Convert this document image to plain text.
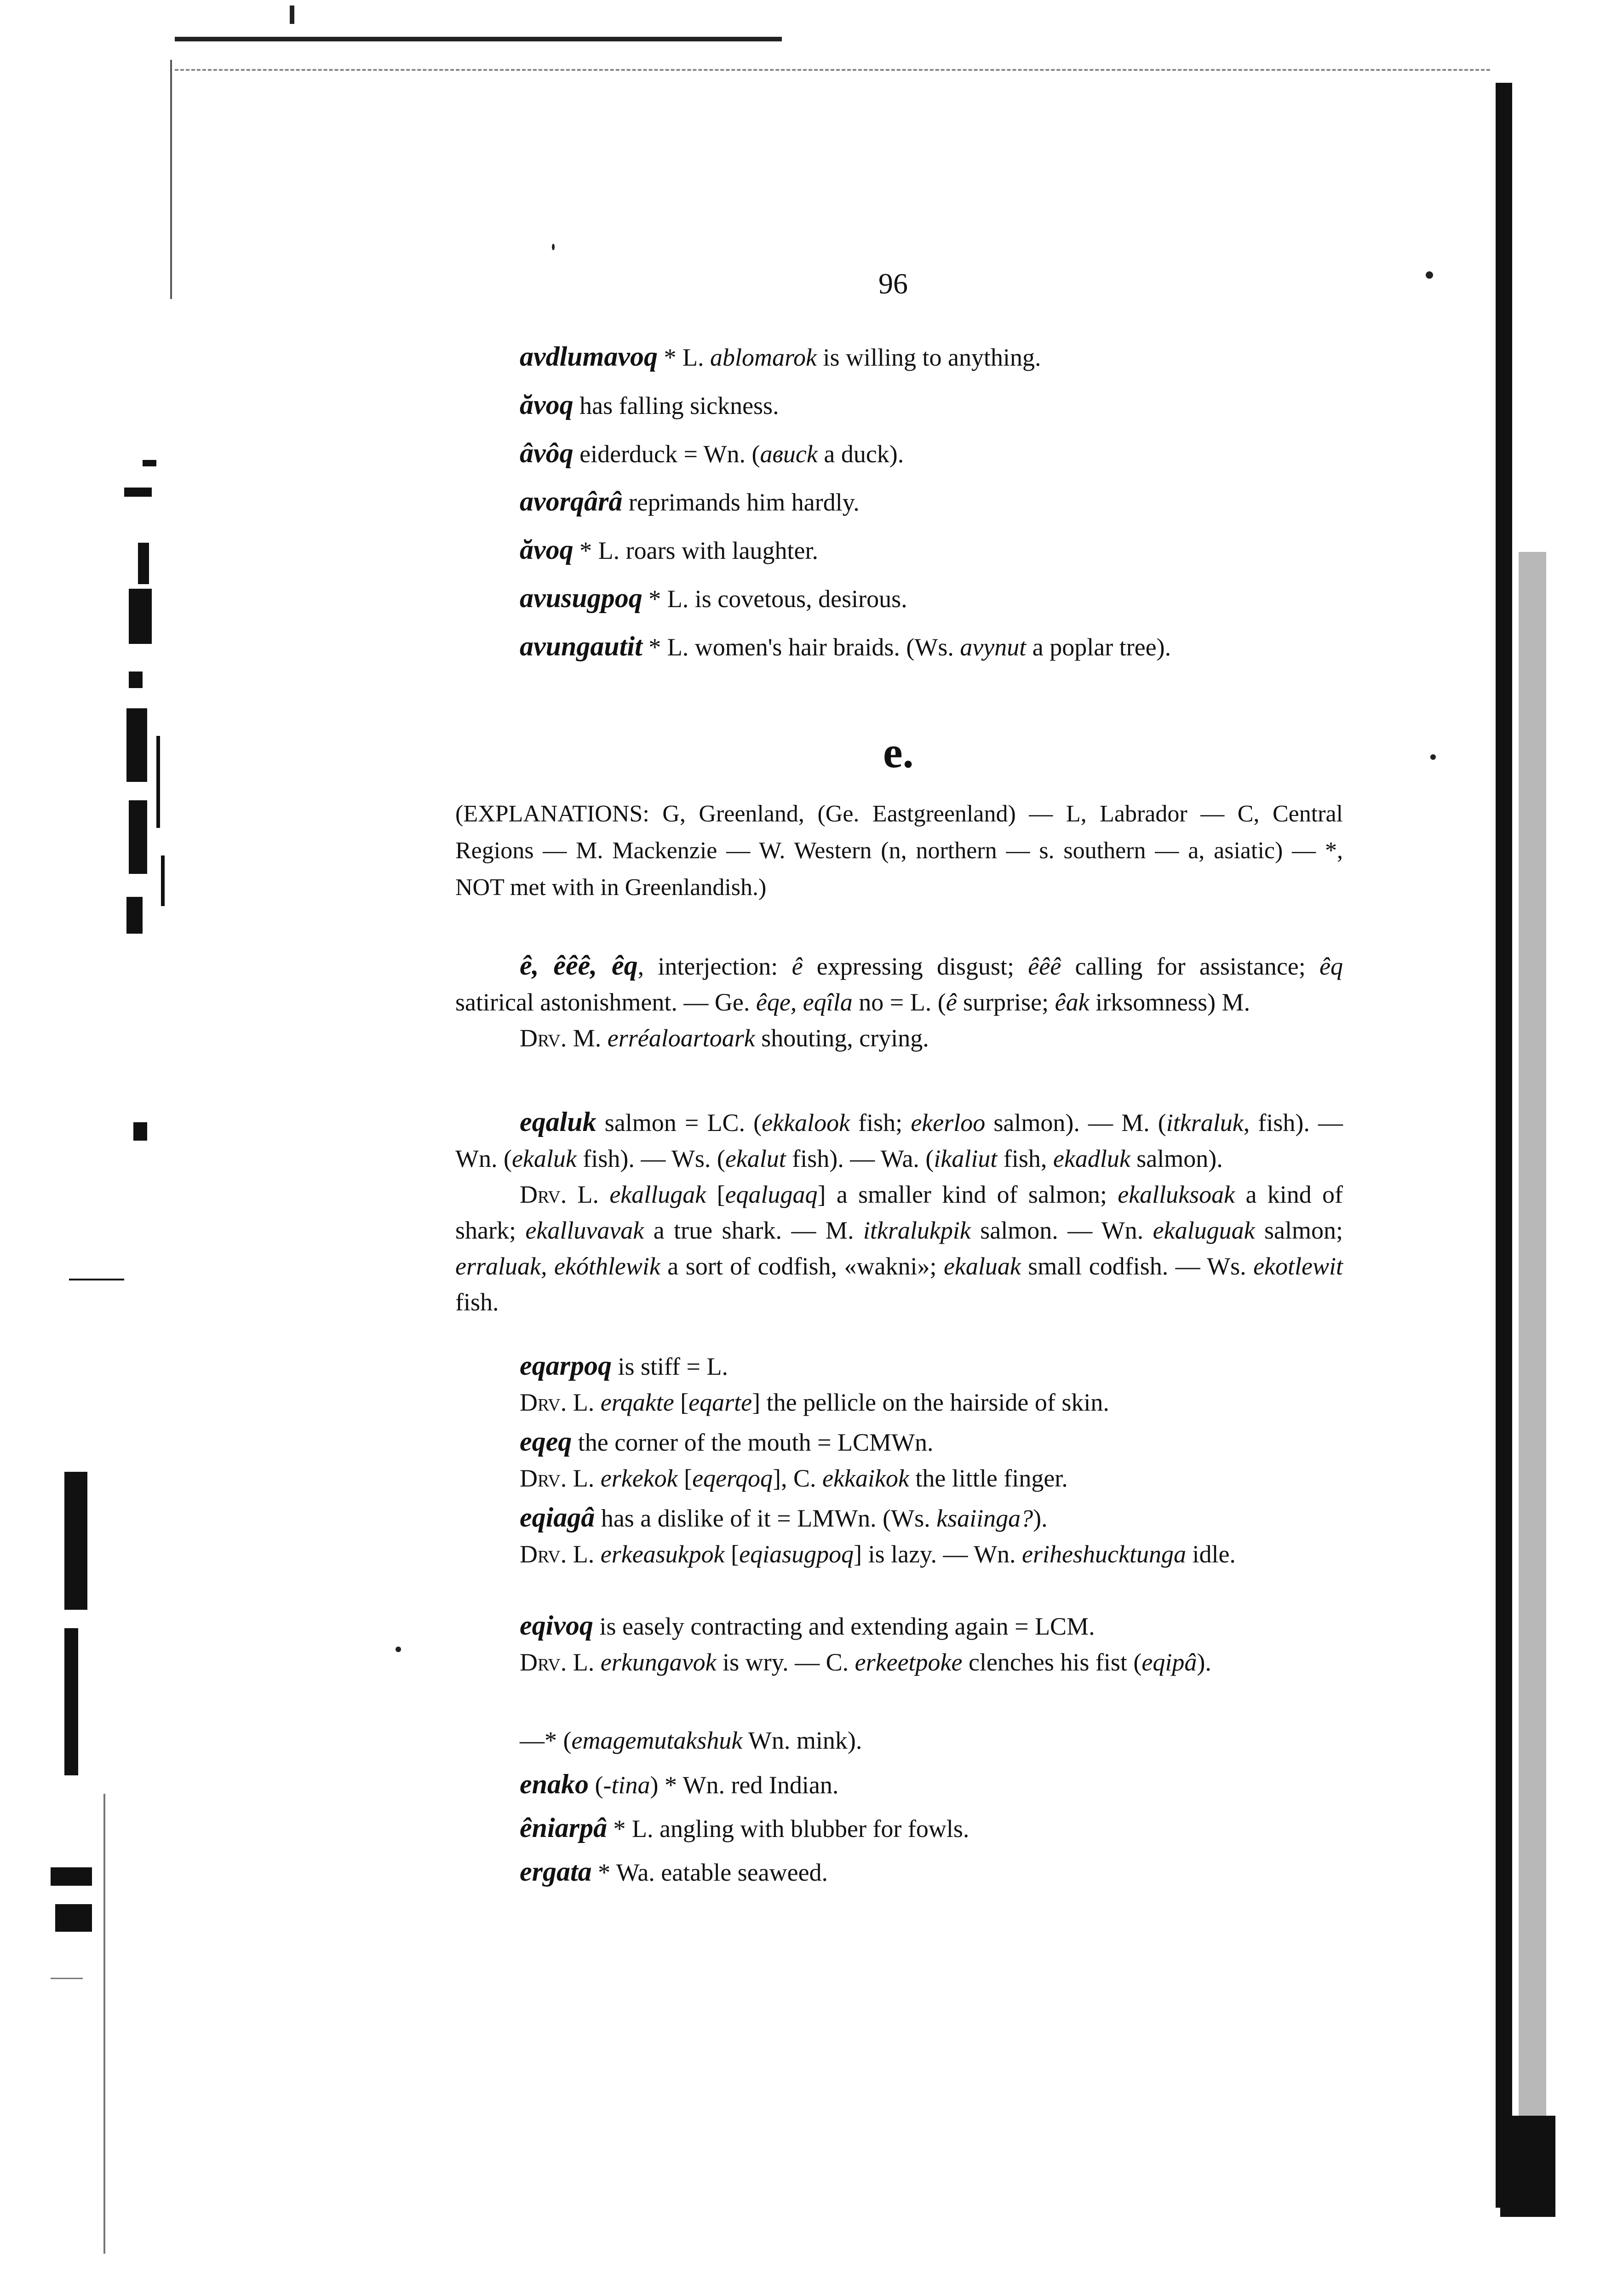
96
avdlumavoq * L. ablomarok is willing to anything.
ăvoq has falling sickness.
âvôq eiderduck = Wn. (aвuck a duck).
avorqârâ reprimands him hardly.
ăvoq * L. roars with laughter.
avusugpoq * L. is covetous, desirous.
avungautit * L. women's hair braids. (Ws. avynut a poplar tree).
e.

(EXPLANATIONS: G, Greenland, (Ge. Eastgreenland) — L, Labrador — C, Central Regions — M. Mackenzie — W. Western (n, northern — s. southern — a, asiatic) — *, NOT met with in Greenlandish.)

ê, êêê, êq, interjection: ê expressing disgust; êêê calling for assistance; êq satirical astonishment. — Ge. êqe, eqîla no = L. (ê surprise; êak irksomness) M.

Drv. M. erréaloartoark shouting, crying.

eqaluk salmon = LC. (ekkalook fish; ekerloo salmon). — M. (itkraluk, fish). — Wn. (ekaluk fish). — Ws. (ekalut fish). — Wa. (ikaliut fish, ekadluk salmon).

Drv. L. ekallugak [eqalugaq] a smaller kind of salmon; ekalluksoak a kind of shark; ekalluvavak a true shark. — M. itkralukpik salmon. — Wn. ekaluguak salmon; erraluak, ekóthlewik a sort of codfish, «wakni»; ekaluak small codfish. — Ws. ekotlewit fish.

eqarpoq is stiff = L.

Drv. L. erqakte [eqarte] the pellicle on the hairside of skin.

eqeq the corner of the mouth = LCMWn.

Drv. L. erkekok [eqerqoq], C. ekkaikok the little finger.

eqiagâ has a dislike of it = LMWn. (Ws. ksaiinga?).

Drv. L. erkeasukpok [eqiasugpoq] is lazy. — Wn. eriheshucktunga idle.

eqivoq is easely contracting and extending again = LCM.

Drv. L. erkungavok is wry. — C. erkeetpoke clenches his fist (eqipâ).

—* (emagemutakshuk Wn. mink).

enako (-tina) * Wn. red Indian.

êniarpâ * L. angling with blubber for fowls.

ergata * Wa. eatable seaweed.
